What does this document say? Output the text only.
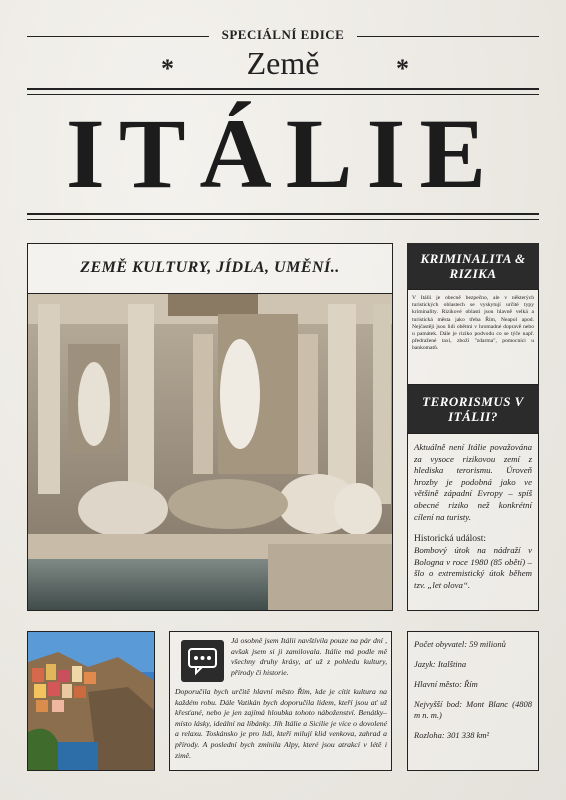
SPECIÁLNÍ EDICE
*	*
Země
ITÁLIE
ZEMĚ KULTURY, JÍDLA, UMĚNÍ..
KRIMINALITA & RIZIKA
V Itálii je obecně bezpečno, ale v některých turistických oblastech se vyskytují určité typy kriminality. Rizikové oblasti jsou hlavně velká a turistická města jako třeba Řím, Neapol apod. Nejčastěji jsou lidi obětmi v hromadné dopravě nebo u památek. Dále je riziko podvodu co se týče např. předražené taxi, zboží "zdarma", pomocníci u bankomatů.
TERORISMUS V ITÁLII?
Aktuálně není Itálie považována za vysoce rizikovou zemí z hlediska terorismu. Úroveň hrozby je podobná jako ve většině západní Evropy – spíš obecné riziko než konkrétní cílení na turisty.
Historická událost:
Bombový útok na nádraží v Bologna v roce 1980 (85 obětí) – šlo o extremistický útok během tzv. „let olova“.
Já osobně jsem Itálii navštívila pouze na pár dní , avšak jsem si ji zamilovala. Itálie má podle mě všechny druhy krásy, ať už z pohledu kultury, přírody či historie.
Doporučila bych určitě hlavní město Řím, kde je cítit kultura na každém robu. Dále Vatikán bych doporučila lidem, kteří jsou ať už křesťané, nebo je jen zajímá hloubka tohoto náboženství. Benátky–místo lásky, ideální na líbánky. Jih Itálie a Sicilie je více o dovolené a relaxu. Toskánsko je pro lidi, kteří milují klid venkova, zahrad a přírody. A poslední bych zmínila Alpy, které jsou atrakcí v létě i zimě.
Počet obyvatel: 59 milionů
Jazyk: Italština
Hlavní město: Řím
Nejvyšší bod: Mont Blanc (4808 m n. m.)
Rozloha: 301 338 km²
